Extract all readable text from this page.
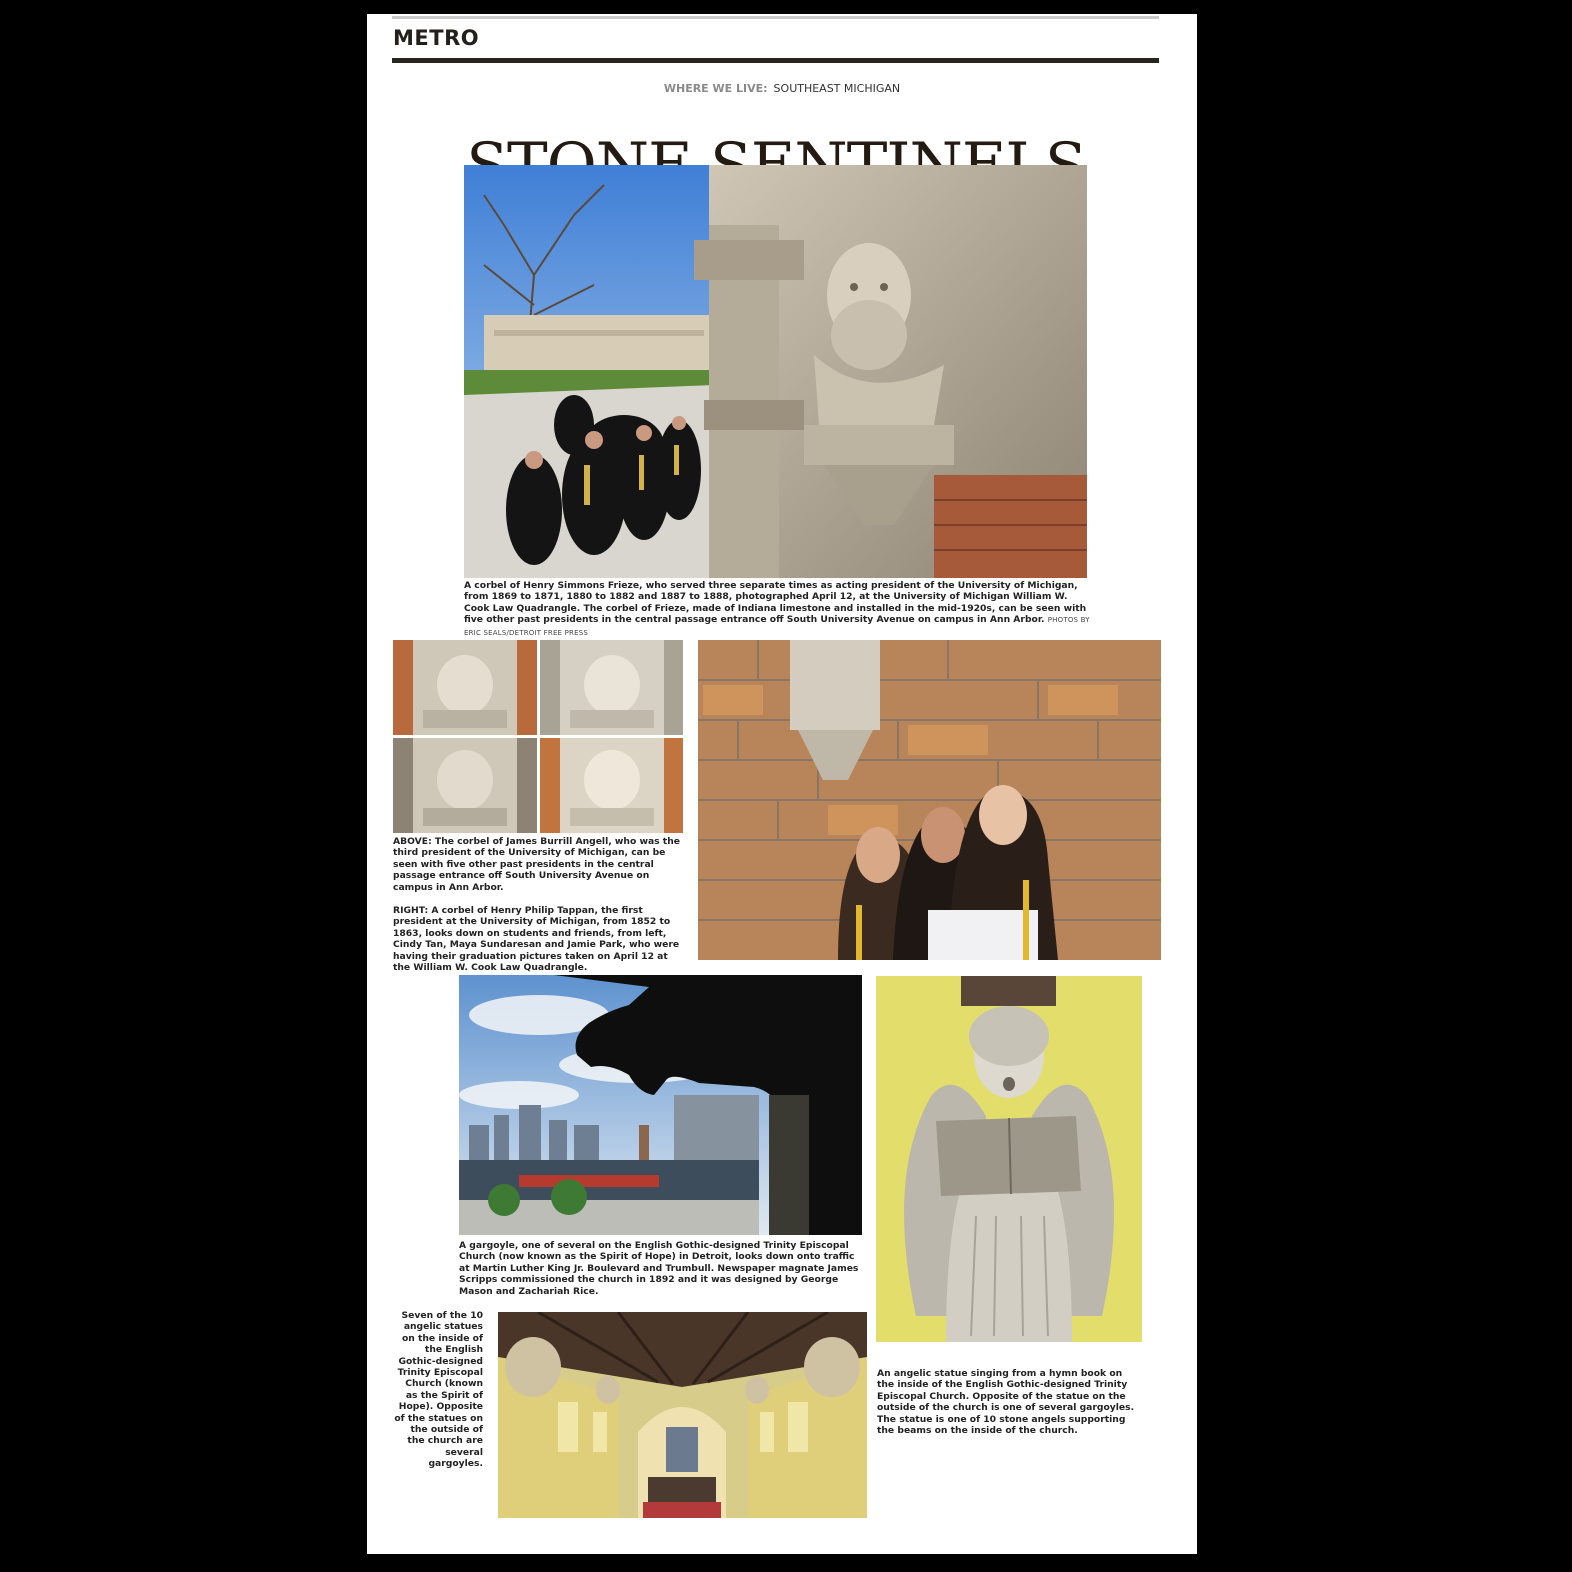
METRO
WHERE WE LIVE: SOUTHEAST MICHIGAN

A corbel of Henry Simmons Frieze, who served three separate times as acting president of the University of Michigan, from 1869 to 1871, 1880 to 1882 and 1887 to 1888, photographed April 12, at the University of Michigan William W. Cook Law Quadrangle. The corbel of Frieze, made of Indiana limestone and installed in the mid-1920s, can be seen with five other past presidents in the central passage entrance off South University Avenue on campus in Ann Arbor. PHOTOS BY ERIC SEALS/DETROIT FREE PRESS

ABOVE: The corbel of James Burrill Angell, who was the third president of the University of Michigan, can be seen with five other past presidents in the central passage entrance off South University Avenue on campus in Ann Arbor.

RIGHT: A corbel of Henry Philip Tappan, the first president at the University of Michigan, from 1852 to 1863, looks down on students and friends, from left, Cindy Tan, Maya Sundaresan and Jamie Park, who were having their graduation pictures taken on April 12 at the William W. Cook Law Quadrangle.

A gargoyle, one of several on the English Gothic-designed Trinity Episcopal Church (now known as the Spirit of Hope) in Detroit, looks down onto traffic at Martin Luther King Jr. Boulevard and Trumbull. Newspaper magnate James Scripps commissioned the church in 1892 and it was designed by George Mason and Zachariah Rice.

An angelic statue singing from a hymn book on the inside of the English Gothic-designed Trinity Episcopal Church. Opposite of the statue on the outside of the church is one of several gargoyles. The statue is one of 10 stone angels supporting the beams on the inside of the church.

Seven of the 10 angelic statues on the inside of the English Gothic-designed Trinity Episcopal Church (known as the Spirit of Hope). Opposite of the statues on the outside of the church are several gargoyles.
